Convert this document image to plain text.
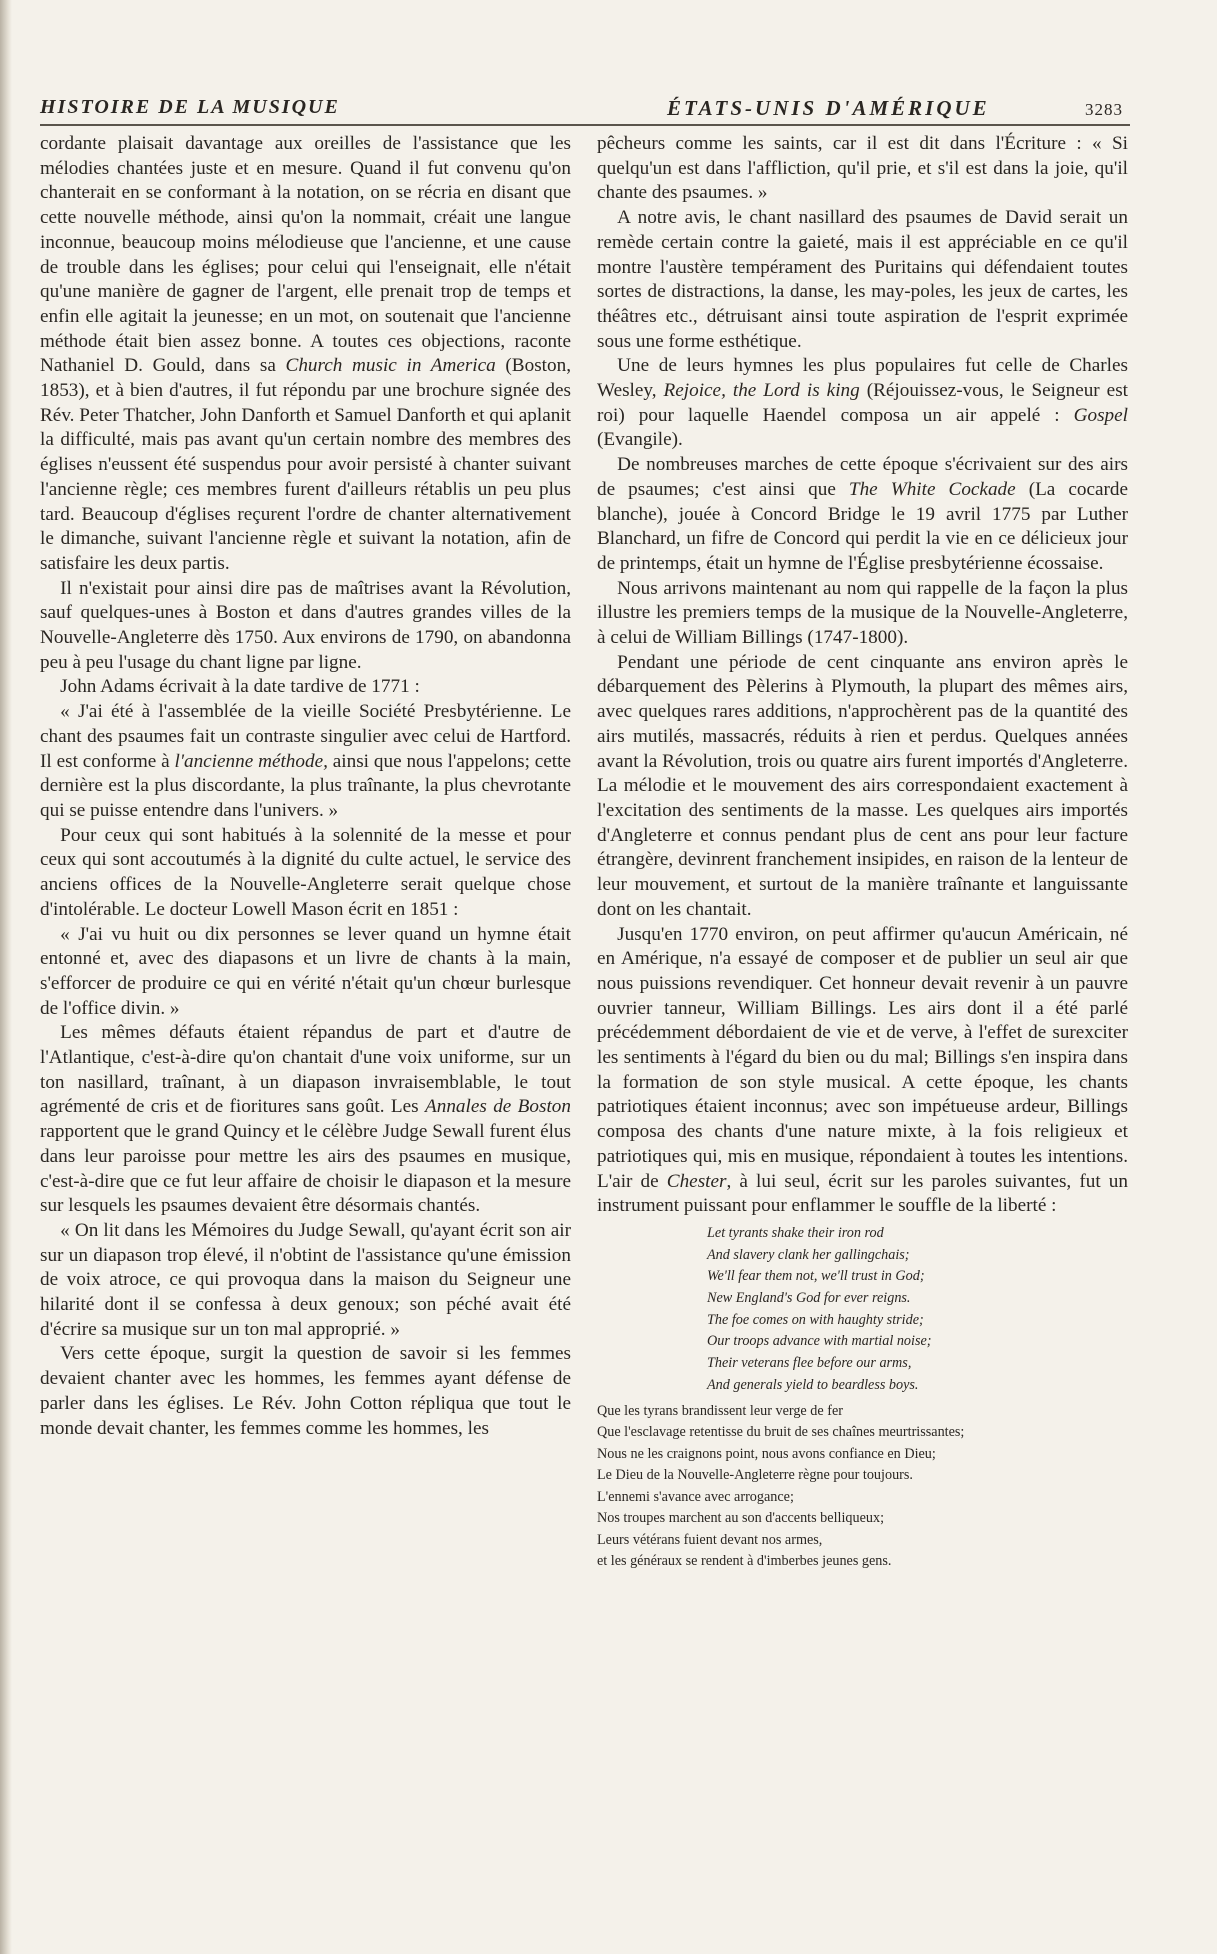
HISTOIRE DE LA MUSIQUE	ÉTATS-UNIS D'AMÉRIQUE	3283

cordante plaisait davantage aux oreilles de l'assistance que les mélodies chantées juste et en mesure. Quand il fut convenu qu'on chanterait en se conformant à la notation, on se récria en disant que cette nouvelle méthode, ainsi qu'on la nommait, créait une langue inconnue, beaucoup moins mélodieuse que l'ancienne, et une cause de trouble dans les églises; pour celui qui l'enseignait, elle n'était qu'une manière de gagner de l'argent, elle prenait trop de temps et enfin elle agitait la jeunesse; en un mot, on soutenait que l'ancienne méthode était bien assez bonne. A toutes ces objections, raconte Nathaniel D. Gould, dans sa Church music in America (Boston, 1853), et à bien d'autres, il fut répondu par une brochure signée des Rév. Peter Thatcher, John Danforth et Samuel Danforth et qui aplanit la difficulté, mais pas avant qu'un certain nombre des membres des églises n'eussent été suspendus pour avoir persisté à chanter suivant l'ancienne règle; ces membres furent d'ailleurs rétablis un peu plus tard. Beaucoup d'églises reçurent l'ordre de chanter alternativement le dimanche, suivant l'ancienne règle et suivant la notation, afin de satisfaire les deux partis.

Il n'existait pour ainsi dire pas de maîtrises avant la Révolution, sauf quelques-unes à Boston et dans d'autres grandes villes de la Nouvelle-Angleterre dès 1750. Aux environs de 1790, on abandonna peu à peu l'usage du chant ligne par ligne.

John Adams écrivait à la date tardive de 1771 :

« J'ai été à l'assemblée de la vieille Société Presbytérienne. Le chant des psaumes fait un contraste singulier avec celui de Hartford. Il est conforme à l'ancienne méthode, ainsi que nous l'appelons; cette dernière est la plus discordante, la plus traînante, la plus chevrotante qui se puisse entendre dans l'univers. »

Pour ceux qui sont habitués à la solennité de la messe et pour ceux qui sont accoutumés à la dignité du culte actuel, le service des anciens offices de la Nouvelle-Angleterre serait quelque chose d'intolérable. Le docteur Lowell Mason écrit en 1851 :

« J'ai vu huit ou dix personnes se lever quand un hymne était entonné et, avec des diapasons et un livre de chants à la main, s'efforcer de produire ce qui en vérité n'était qu'un chœur burlesque de l'office divin. »

Les mêmes défauts étaient répandus de part et d'autre de l'Atlantique, c'est-à-dire qu'on chantait d'une voix uniforme, sur un ton nasillard, traînant, à un diapason invraisemblable, le tout agrémenté de cris et de fioritures sans goût. Les Annales de Boston rapportent que le grand Quincy et le célèbre Judge Sewall furent élus dans leur paroisse pour mettre les airs des psaumes en musique, c'est-à-dire que ce fut leur affaire de choisir le diapason et la mesure sur lesquels les psaumes devaient être désormais chantés.

« On lit dans les Mémoires du Judge Sewall, qu'ayant écrit son air sur un diapason trop élevé, il n'obtint de l'assistance qu'une émission de voix atroce, ce qui provoqua dans la maison du Seigneur une hilarité dont il se confessa à deux genoux; son péché avait été d'écrire sa musique sur un ton mal approprié. »

Vers cette époque, surgit la question de savoir si les femmes devaient chanter avec les hommes, les femmes ayant défense de parler dans les églises. Le Rév. John Cotton répliqua que tout le monde devait chanter, les femmes comme les hommes, les

pêcheurs comme les saints, car il est dit dans l'Écriture : « Si quelqu'un est dans l'affliction, qu'il prie, et s'il est dans la joie, qu'il chante des psaumes. »

A notre avis, le chant nasillard des psaumes de David serait un remède certain contre la gaieté, mais il est appréciable en ce qu'il montre l'austère tempérament des Puritains qui défendaient toutes sortes de distractions, la danse, les may-poles, les jeux de cartes, les théâtres etc., détruisant ainsi toute aspiration de l'esprit exprimée sous une forme esthétique.

Une de leurs hymnes les plus populaires fut celle de Charles Wesley, Rejoice, the Lord is king (Réjouissez-vous, le Seigneur est roi) pour laquelle Haendel composa un air appelé : Gospel (Evangile).

De nombreuses marches de cette époque s'écrivaient sur des airs de psaumes; c'est ainsi que The White Cockade (La cocarde blanche), jouée à Concord Bridge le 19 avril 1775 par Luther Blanchard, un fifre de Concord qui perdit la vie en ce délicieux jour de printemps, était un hymne de l'Église presbytérienne écossaise.

Nous arrivons maintenant au nom qui rappelle de la façon la plus illustre les premiers temps de la musique de la Nouvelle-Angleterre, à celui de William Billings (1747-1800).

Pendant une période de cent cinquante ans environ après le débarquement des Pèlerins à Plymouth, la plupart des mêmes airs, avec quelques rares additions, n'approchèrent pas de la quantité des airs mutilés, massacrés, réduits à rien et perdus. Quelques années avant la Révolution, trois ou quatre airs furent importés d'Angleterre. La mélodie et le mouvement des airs correspondaient exactement à l'excitation des sentiments de la masse. Les quelques airs importés d'Angleterre et connus pendant plus de cent ans pour leur facture étrangère, devinrent franchement insipides, en raison de la lenteur de leur mouvement, et surtout de la manière traînante et languissante dont on les chantait.

Jusqu'en 1770 environ, on peut affirmer qu'aucun Américain, né en Amérique, n'a essayé de composer et de publier un seul air que nous puissions revendiquer. Cet honneur devait revenir à un pauvre ouvrier tanneur, William Billings. Les airs dont il a été parlé précédemment débordaient de vie et de verve, à l'effet de surexciter les sentiments à l'égard du bien ou du mal; Billings s'en inspira dans la formation de son style musical. A cette époque, les chants patriotiques étaient inconnus; avec son impétueuse ardeur, Billings composa des chants d'une nature mixte, à la fois religieux et patriotiques qui, mis en musique, répondaient à toutes les intentions. L'air de Chester, à lui seul, écrit sur les paroles suivantes, fut un instrument puissant pour enflammer le souffle de la liberté :

Let tyrants shake their iron rod
And slavery clank her gallingchais;
We'll fear them not, we'll trust in God;
New England's God for ever reigns.
The foe comes on with haughty stride;
Our troops advance with martial noise;
Their veterans flee before our arms,
And generals yield to beardless boys.
Que les tyrans brandissent leur verge de fer
Que l'esclavage retentisse du bruit de ses chaînes meurtrissantes;
Nous ne les craignons point, nous avons confiance en Dieu;
Le Dieu de la Nouvelle-Angleterre règne pour toujours.
L'ennemi s'avance avec arrogance;
Nos troupes marchent au son d'accents belliqueux;
Leurs vétérans fuient devant nos armes,
et les généraux se rendent à d'imberbes jeunes gens.
